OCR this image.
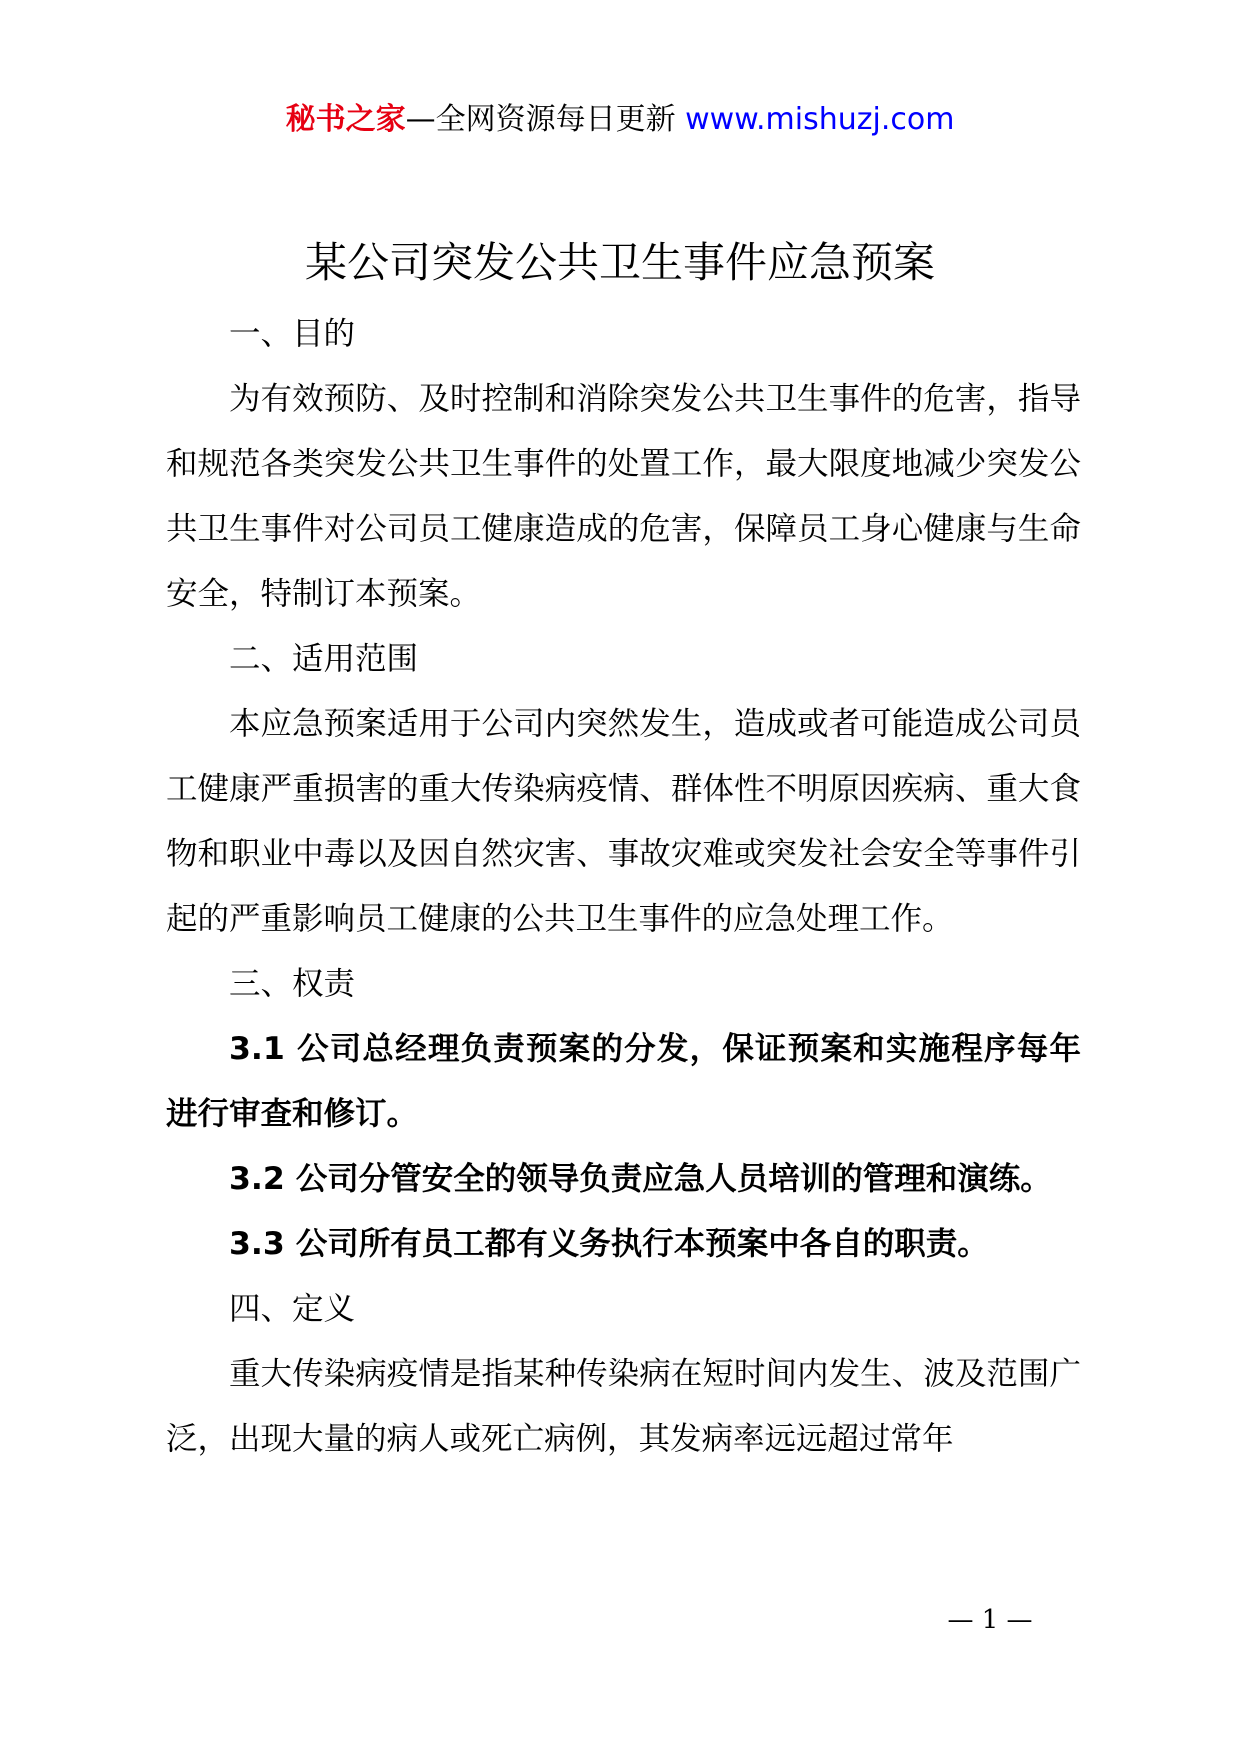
秘书之家—全网资源每日更新 www.mishuzj.com
某公司突发公共卫生事件应急预案

一、目的

为有效预防、及时控制和消除突发公共卫生事件的危害，指导和规范各类突发公共卫生事件的处置工作，最大限度地减少突发公共卫生事件对公司员工健康造成的危害，保障员工身心健康与生命安全，特制订本预案。

二、适用范围

本应急预案适用于公司内突然发生，造成或者可能造成公司员工健康严重损害的重大传染病疫情、群体性不明原因疾病、重大食物和职业中毒以及因自然灾害、事故灾难或突发社会安全等事件引起的严重影响员工健康的公共卫生事件的应急处理工作。

三、权责

3.1 公司总经理负责预案的分发，保证预案和实施程序每年进行审查和修订。

3.2 公司分管安全的领导负责应急人员培训的管理和演练。

3.3 公司所有员工都有义务执行本预案中各自的职责。

四、定义

重大传染病疫情是指某种传染病在短时间内发生、波及范围广泛，出现大量的病人或死亡病例，其发病率远远超过常年

— 1 —
